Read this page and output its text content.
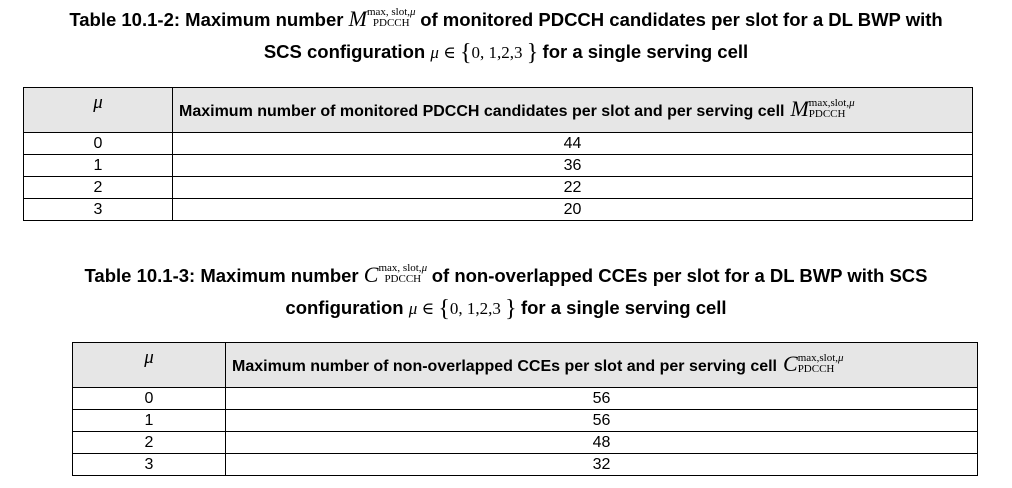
Table 10.1-2: Maximum number M max, slot,μ
PDCCH of monitored PDCCH candidates per slot for a DL BWP with
SCS configuration μ ∈ {0, 1,2,3 } for a single serving cell
μ	Maximum number of monitored PDCCH candidates per slot and per serving cell M max,slot,μ
PDCCH

0	44
1	36
2	22
3	20
Table 10.1-3: Maximum number C max, slot,μ
PDCCH of non-overlapped CCEs per slot for a DL BWP with SCS
configuration μ ∈ {0, 1,2,3 } for a single serving cell
μ	Maximum number of non-overlapped CCEs per slot and per serving cell C max,slot,μ
PDCCH

0	56
1	56
2	48
3	32
